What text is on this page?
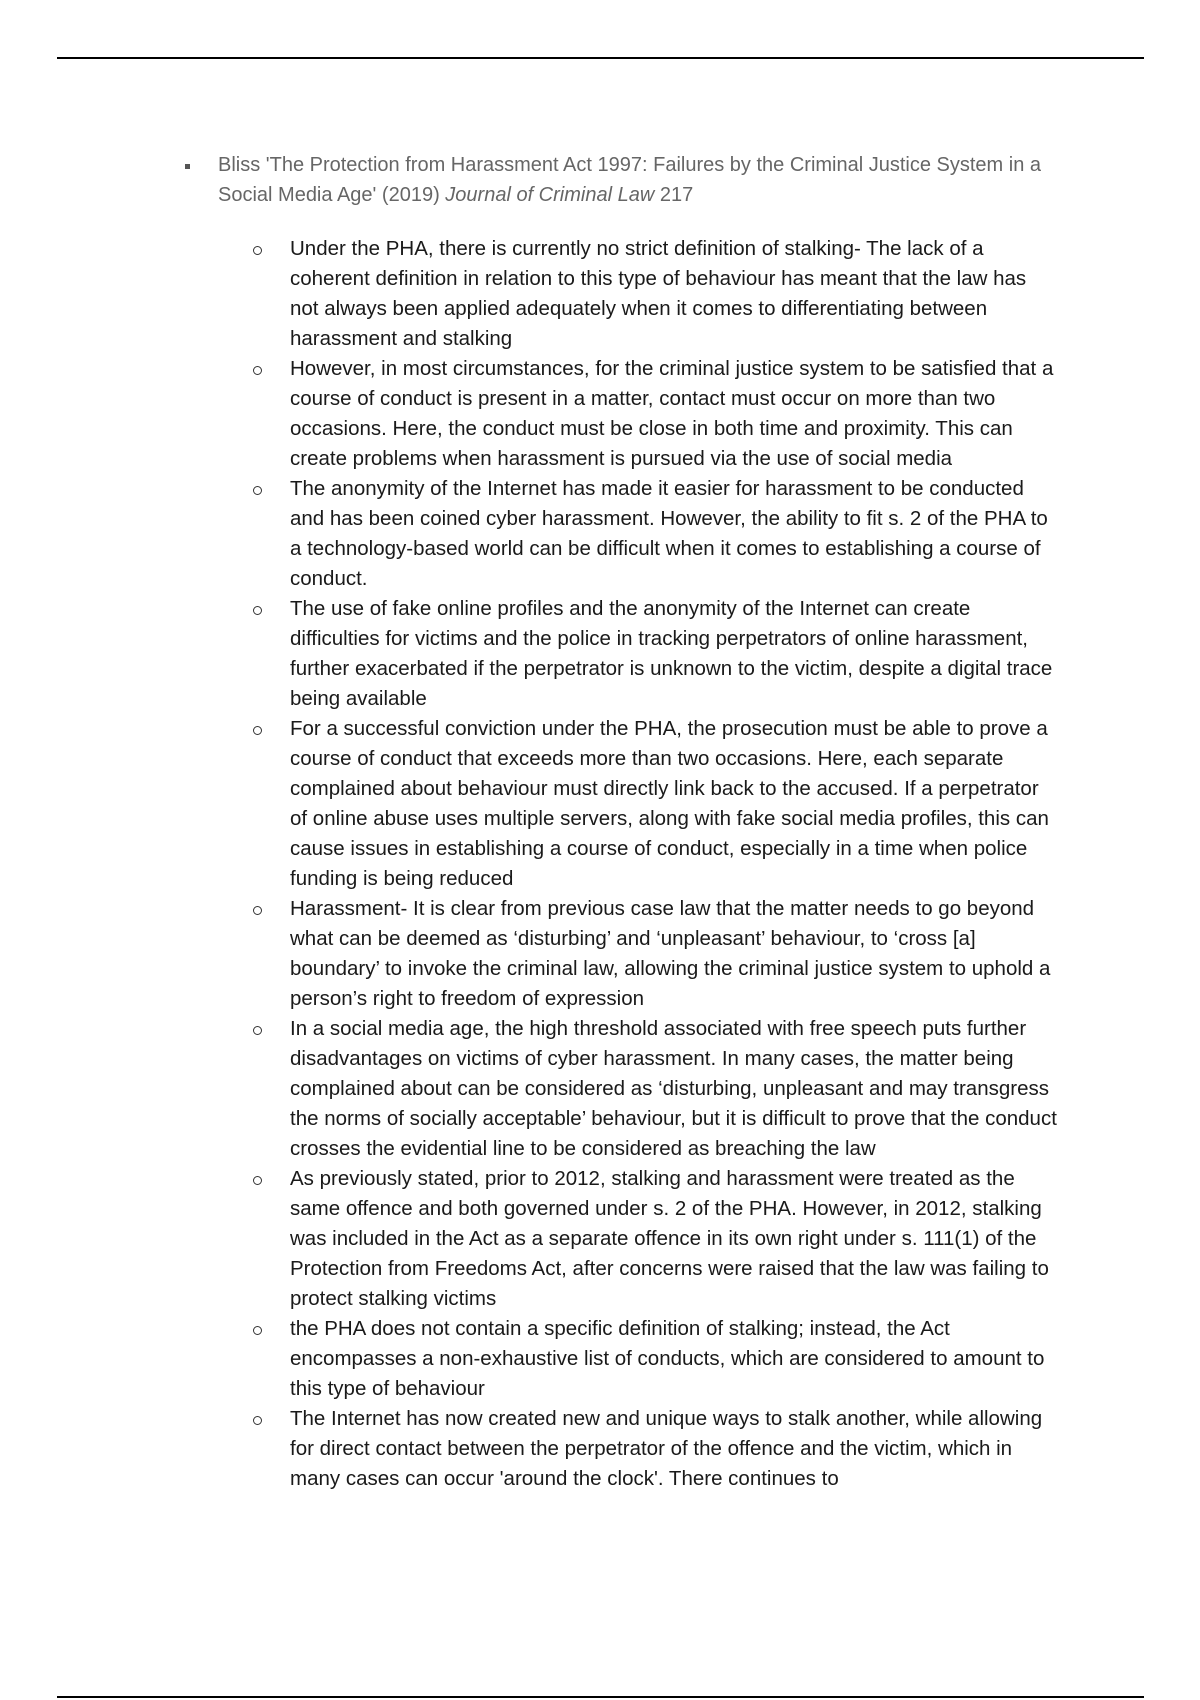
Bliss 'The Protection from Harassment Act 1997: Failures by the Criminal Justice System in a Social Media Age' (2019) Journal of Criminal Law 217
Under the PHA, there is currently no strict definition of stalking- The lack of a coherent definition in relation to this type of behaviour has meant that the law has not always been applied adequately when it comes to differentiating between harassment and stalking
However, in most circumstances, for the criminal justice system to be satisfied that a course of conduct is present in a matter, contact must occur on more than two occasions. Here, the conduct must be close in both time and proximity. This can create problems when harassment is pursued via the use of social media
The anonymity of the Internet has made it easier for harassment to be conducted and has been coined cyber harassment. However, the ability to fit s. 2 of the PHA to a technology-based world can be difficult when it comes to establishing a course of conduct.
The use of fake online profiles and the anonymity of the Internet can create difficulties for victims and the police in tracking perpetrators of online harassment, further exacerbated if the perpetrator is unknown to the victim, despite a digital trace being available
For a successful conviction under the PHA, the prosecution must be able to prove a course of conduct that exceeds more than two occasions. Here, each separate complained about behaviour must directly link back to the accused. If a perpetrator of online abuse uses multiple servers, along with fake social media profiles, this can cause issues in establishing a course of conduct, especially in a time when police funding is being reduced
Harassment- It is clear from previous case law that the matter needs to go beyond what can be deemed as ‘disturbing’ and ‘unpleasant’ behaviour, to ‘cross [a] boundary’ to invoke the criminal law, allowing the criminal justice system to uphold a person’s right to freedom of expression
In a social media age, the high threshold associated with free speech puts further disadvantages on victims of cyber harassment. In many cases, the matter being complained about can be considered as ‘disturbing, unpleasant and may transgress the norms of socially acceptable’ behaviour, but it is difficult to prove that the conduct crosses the evidential line to be considered as breaching the law
As previously stated, prior to 2012, stalking and harassment were treated as the same offence and both governed under s. 2 of the PHA. However, in 2012, stalking was included in the Act as a separate offence in its own right under s. 111(1) of the Protection from Freedoms Act, after concerns were raised that the law was failing to protect stalking victims
the PHA does not contain a specific definition of stalking; instead, the Act encompasses a non-exhaustive list of conducts, which are considered to amount to this type of behaviour
The Internet has now created new and unique ways to stalk another, while allowing for direct contact between the perpetrator of the offence and the victim, which in many cases can occur 'around the clock'. There continues to
